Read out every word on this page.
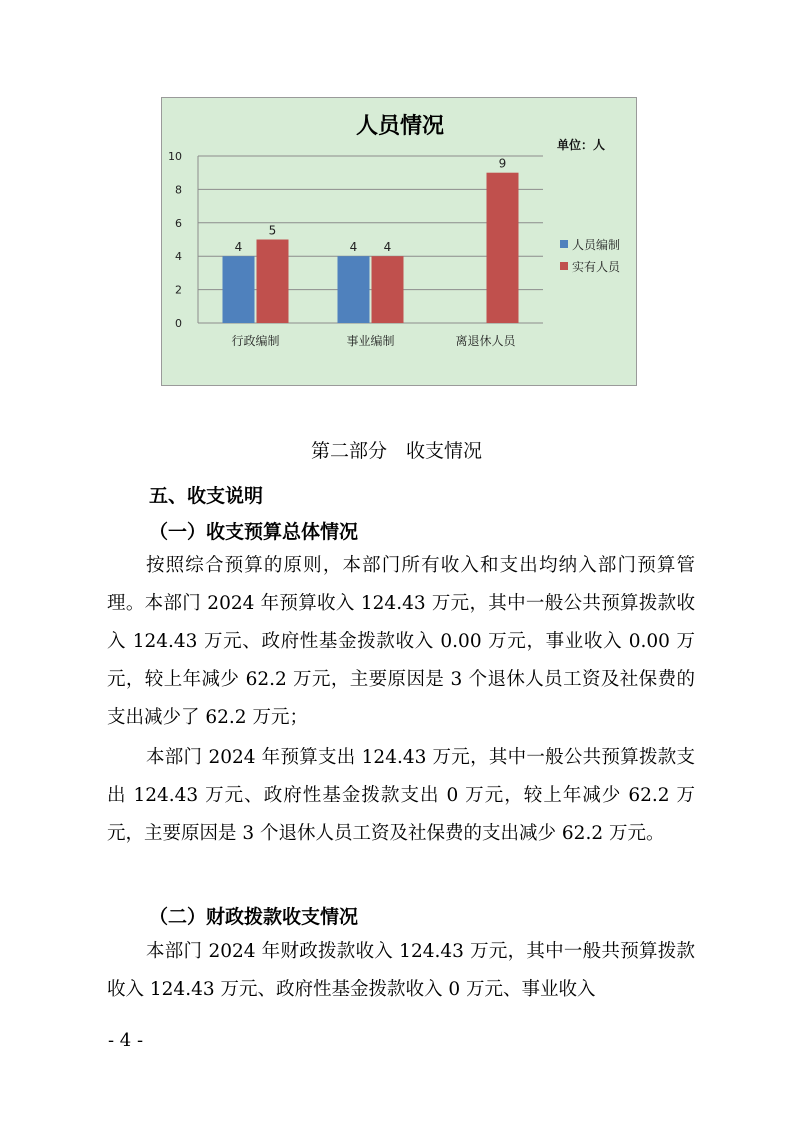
人员情况
单位：人
0
2
4
6
8
10
4
5
行政编制
4 4
事业编制
9
离退休人员
人员编制
实有人员
第二部分　收支情况
五、收支说明
（一）收支预算总体情况

按照综合预算的原则，本部门所有收入和支出均纳入部门预算管理。本部门 2024 年预算收入 124.43 万元，其中一般公共预算拨款收入 124.43 万元、政府性基金拨款收入 0.00 万元，事业收入 0.00 万元，较上年减少 62.2 万元，主要原因是 3 个退休人员工资及社保费的支出减少了 62.2 万元；

本部门 2024 年预算支出 124.43 万元，其中一般公共预算拨款支出 124.43 万元、政府性基金拨款支出 0 万元，较上年减少 62.2 万元，主要原因是 3 个退休人员工资及社保费的支出减少 62.2 万元。

（二）财政拨款收支情况

本部门 2024 年财政拨款收入 124.43 万元，其中一般共预算拨款收入 124.43 万元、政府性基金拨款收入 0 万元、事业收入

- 4 -
